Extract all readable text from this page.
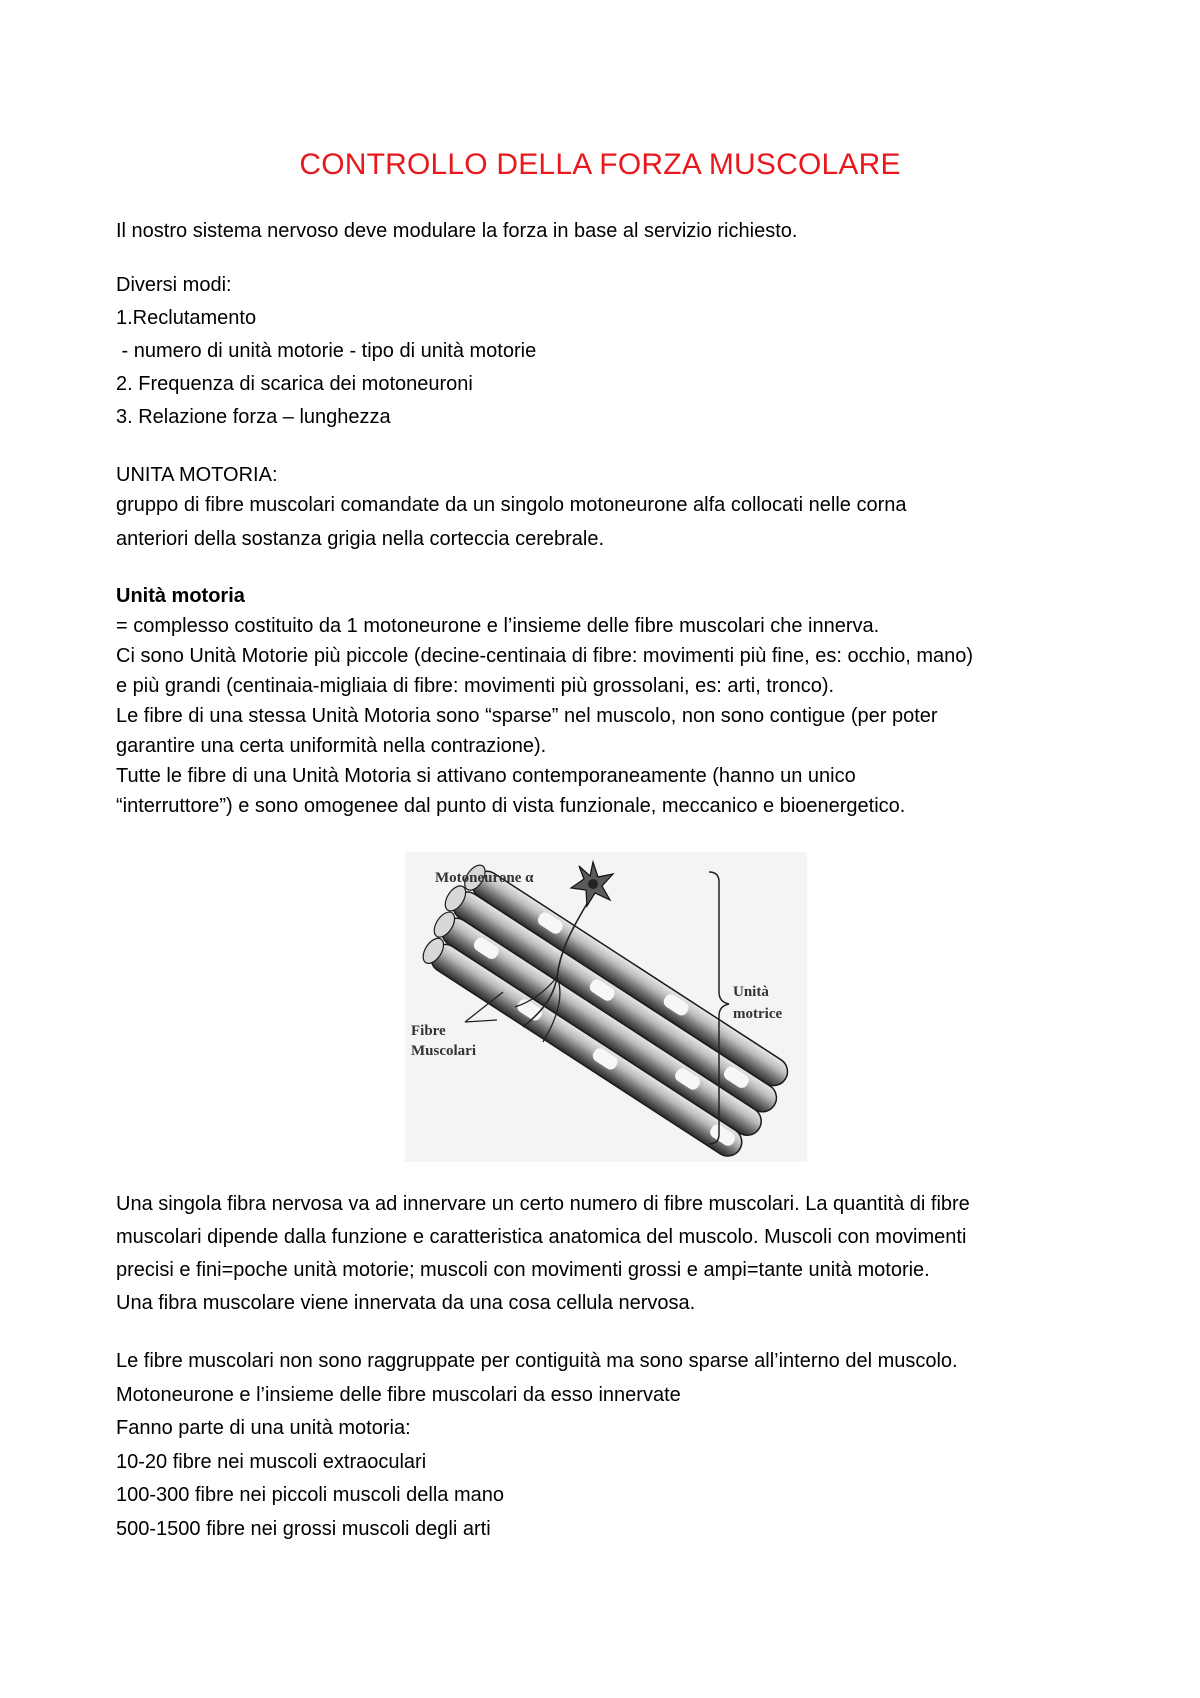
CONTROLLO DELLA FORZA MUSCOLARE
Il nostro sistema nervoso deve modulare la forza in base al servizio richiesto.
Diversi modi:
1.Reclutamento
- numero di unità motorie - tipo di unità motorie
2. Frequenza di scarica dei motoneuroni
3. Relazione forza – lunghezza
UNITA MOTORIA:
gruppo di fibre muscolari comandate da un singolo motoneurone alfa collocati nelle corna
anteriori della sostanza grigia nella corteccia cerebrale.
Unità motoria
= complesso costituito da 1 motoneurone e l’insieme delle fibre muscolari che innerva.
Ci sono Unità Motorie più piccole (decine-centinaia di fibre: movimenti più fine, es: occhio, mano)
e più grandi (centinaia-migliaia di fibre: movimenti più grossolani, es: arti, tronco).
Le fibre di una stessa Unità Motoria sono “sparse” nel muscolo, non sono contigue (per poter
garantire una certa uniformità nella contrazione).
Tutte le fibre di una Unità Motoria si attivano contemporaneamente (hanno un unico
“interruttore”) e sono omogenee dal punto di vista funzionale, meccanico e bioenergetico.
Motoneurone α
Fibre
Muscolari
Unità
motrice
Una singola fibra nervosa va ad innervare un certo numero di fibre muscolari. La quantità di fibre
muscolari dipende dalla funzione e caratteristica anatomica del muscolo. Muscoli con movimenti
precisi e fini=poche unità motorie; muscoli con movimenti grossi e ampi=tante unità motorie.
Una fibra muscolare viene innervata da una cosa cellula nervosa.
Le fibre muscolari non sono raggruppate per contiguità ma sono sparse all’interno del muscolo.
Motoneurone e l’insieme delle fibre muscolari da esso innervate
Fanno parte di una unità motoria:
10-20 fibre nei muscoli extraoculari
100-300 fibre nei piccoli muscoli della mano
500-1500 fibre nei grossi muscoli degli arti
